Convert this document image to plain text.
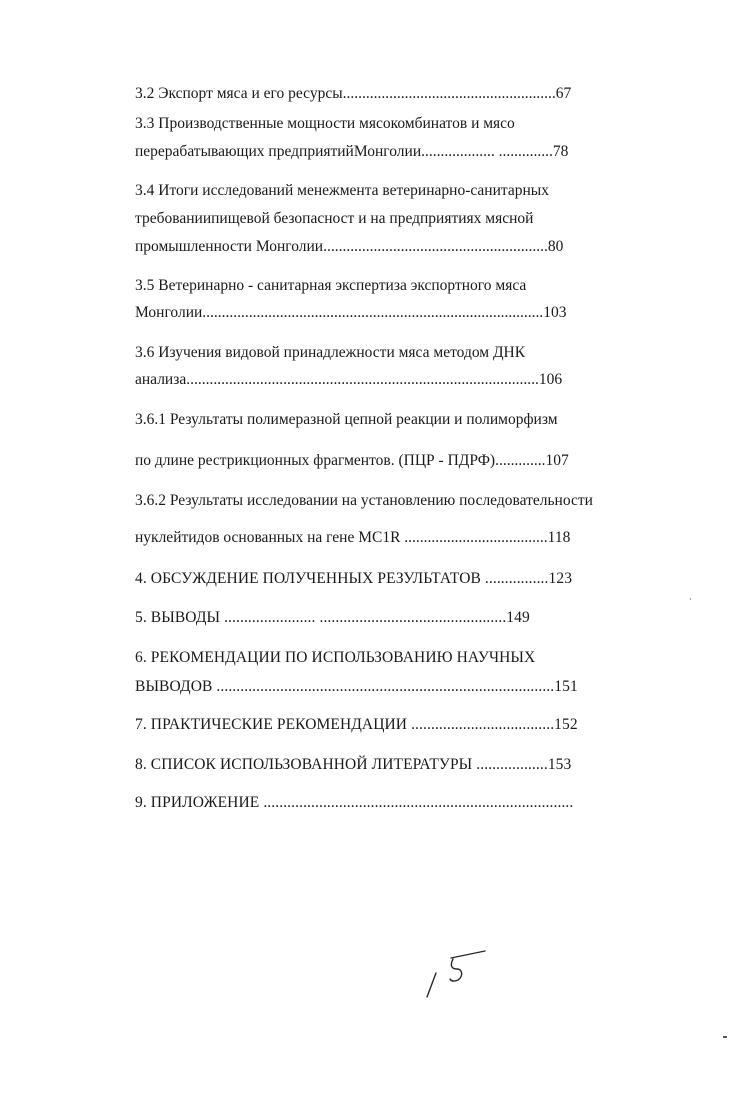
3.2 Экспорт мяса и его ресурсы.......................................................67
3.3 Производственные мощности мясокомбинатов и мясо
перерабатывающих предприятийМонголии................... ..............78
3.4 Итоги исследований менежмента ветеринарно-санитарных
требованиипищевой безопасност и на предприятиях мясной
промышленности Монголии..........................................................80
3.5 Ветеринарно - санитарная экспертиза экспортного мяса
Монголии........................................................................................103
3.6 Изучения видовой принадлежности мяса методом ДНК
анализа...........................................................................................106
3.6.1 Результаты полимеразной цепной реакции и полиморфизм
по длине рестрикционных фрагментов. (ПЦР - ПДРФ).............107
3.6.2 Результаты исследовании на установлению последовательности
нуклейтидов основанных на гене MC1R .....................................118
4. ОБСУЖДЕНИЕ ПОЛУЧЕННЫХ РЕЗУЛЬТАТОВ ................123
5. ВЫВОДЫ ....................... ...............................................149
6. РЕКОМЕНДАЦИИ ПО ИСПОЛЬЗОВАНИЮ НАУЧНЫХ
ВЫВОДОВ .....................................................................................151
7. ПРАКТИЧЕСКИЕ РЕКОМЕНДАЦИИ ....................................152
8. СПИСОК ИСПОЛЬЗОВАННОЙ ЛИТЕРАТУРЫ ..................153
9. ПРИЛОЖЕНИЕ ..............................................................................
